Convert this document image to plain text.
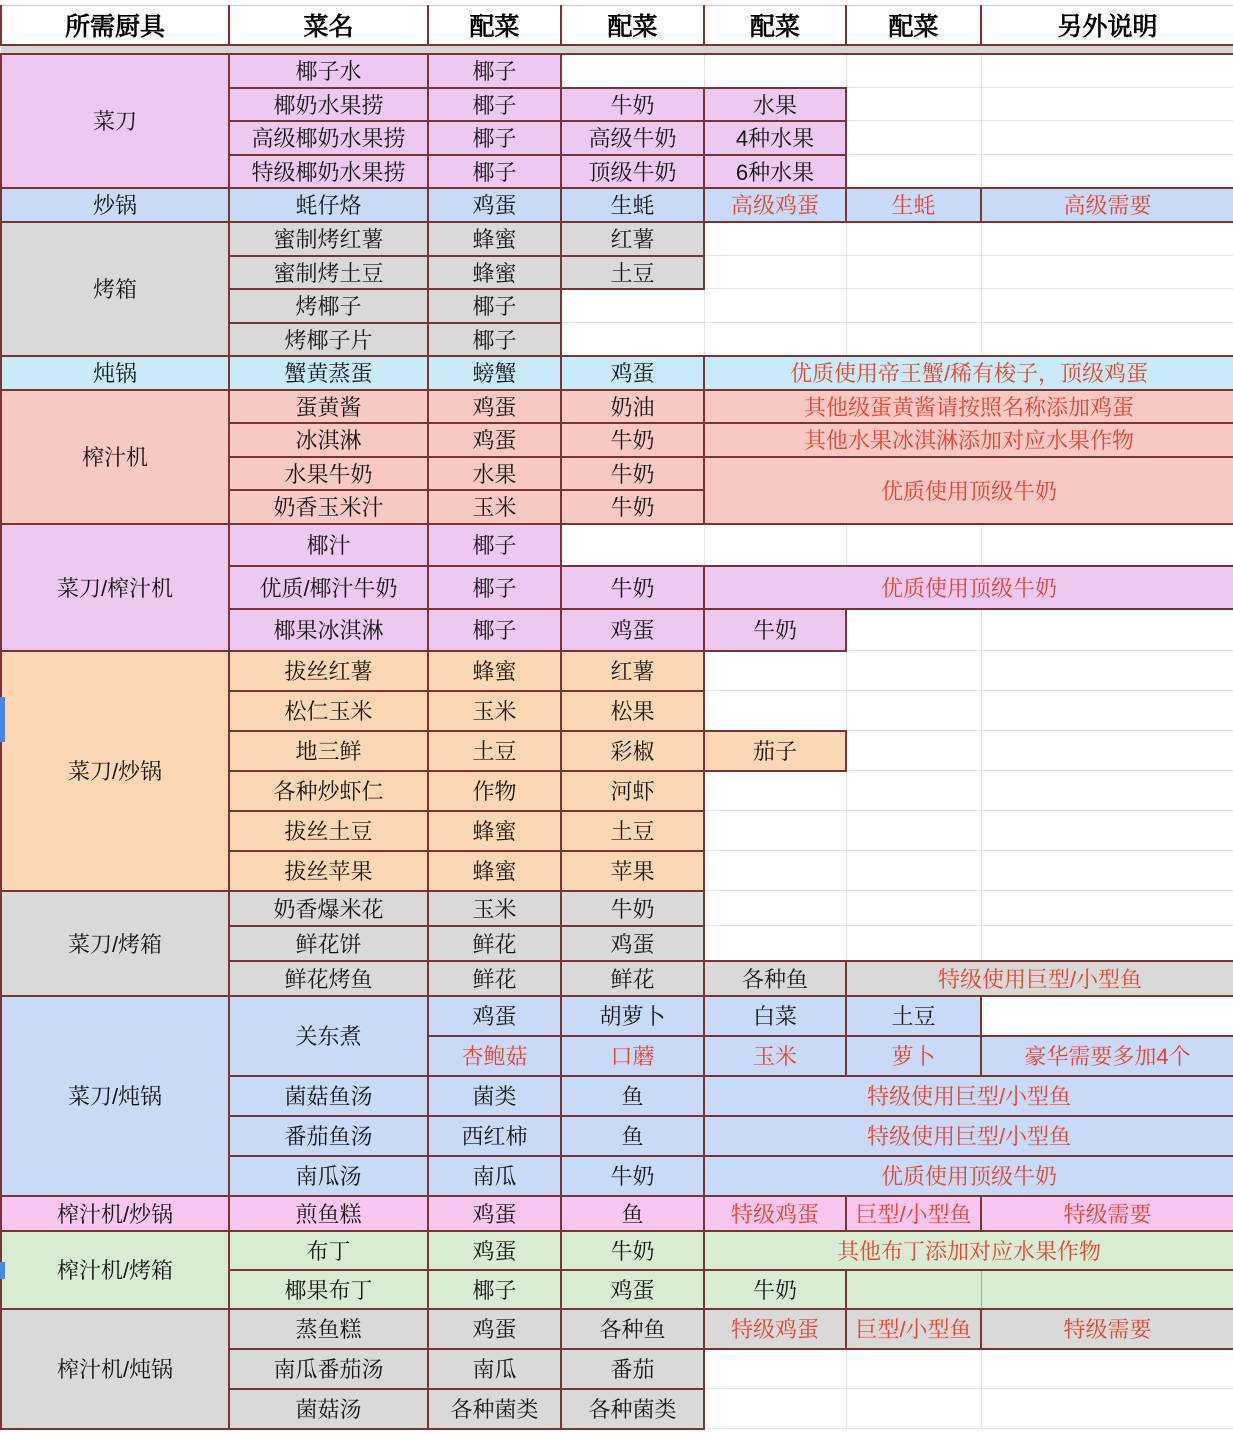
所需厨具	菜名	配菜	配菜	配菜	配菜	另外说明

菜刀	椰子水	椰子				
	椰奶水果捞	椰子	牛奶	水果		
	高级椰奶水果捞	椰子	高级牛奶	4种水果		
	特级椰奶水果捞	椰子	顶级牛奶	6种水果		
炒锅	蚝仔烙	鸡蛋	生蚝	高级鸡蛋	生蚝	高级需要
烤箱	蜜制烤红薯	蜂蜜	红薯			
	蜜制烤土豆	蜂蜜	土豆			
	烤椰子	椰子				
	烤椰子片	椰子				
炖锅	蟹黄蒸蛋	螃蟹	鸡蛋	优质使用帝王蟹/稀有梭子，顶级鸡蛋		
榨汁机	蛋黄酱	鸡蛋	奶油	其他级蛋黄酱请按照名称添加鸡蛋		
	冰淇淋	鸡蛋	牛奶	其他水果冰淇淋添加对应水果作物		
	水果牛奶	水果	牛奶	优质使用顶级牛奶		
	奶香玉米汁	玉米	牛奶			
菜刀/榨汁机	椰汁	椰子				
	优质/椰汁牛奶	椰子	牛奶	优质使用顶级牛奶		
	椰果冰淇淋	椰子	鸡蛋	牛奶		
菜刀/炒锅	拔丝红薯	蜂蜜	红薯			
	松仁玉米	玉米	松果			
	地三鲜	土豆	彩椒	茄子		
	各种炒虾仁	作物	河虾			
	拔丝土豆	蜂蜜	土豆			
	拔丝苹果	蜂蜜	苹果			
菜刀/烤箱	奶香爆米花	玉米	牛奶			
	鲜花饼	鲜花	鸡蛋			
	鲜花烤鱼	鲜花	鲜花	各种鱼	特级使用巨型/小型鱼	
菜刀/炖锅	关东煮	鸡蛋	胡萝卜	白菜	土豆	
		杏鲍菇	口蘑	玉米	萝卜	豪华需要多加4个
	菌菇鱼汤	菌类	鱼	特级使用巨型/小型鱼		
	番茄鱼汤	西红柿	鱼	特级使用巨型/小型鱼		
	南瓜汤	南瓜	牛奶	优质使用顶级牛奶		
榨汁机/炒锅	煎鱼糕	鸡蛋	鱼	特级鸡蛋	巨型/小型鱼	特级需要
榨汁机/烤箱	布丁	鸡蛋	牛奶	其他布丁添加对应水果作物		
	椰果布丁	椰子	鸡蛋	牛奶		
榨汁机/炖锅	蒸鱼糕	鸡蛋	各种鱼	特级鸡蛋	巨型/小型鱼	特级需要
	南瓜番茄汤	南瓜	番茄			
	菌菇汤	各种菌类	各种菌类			
